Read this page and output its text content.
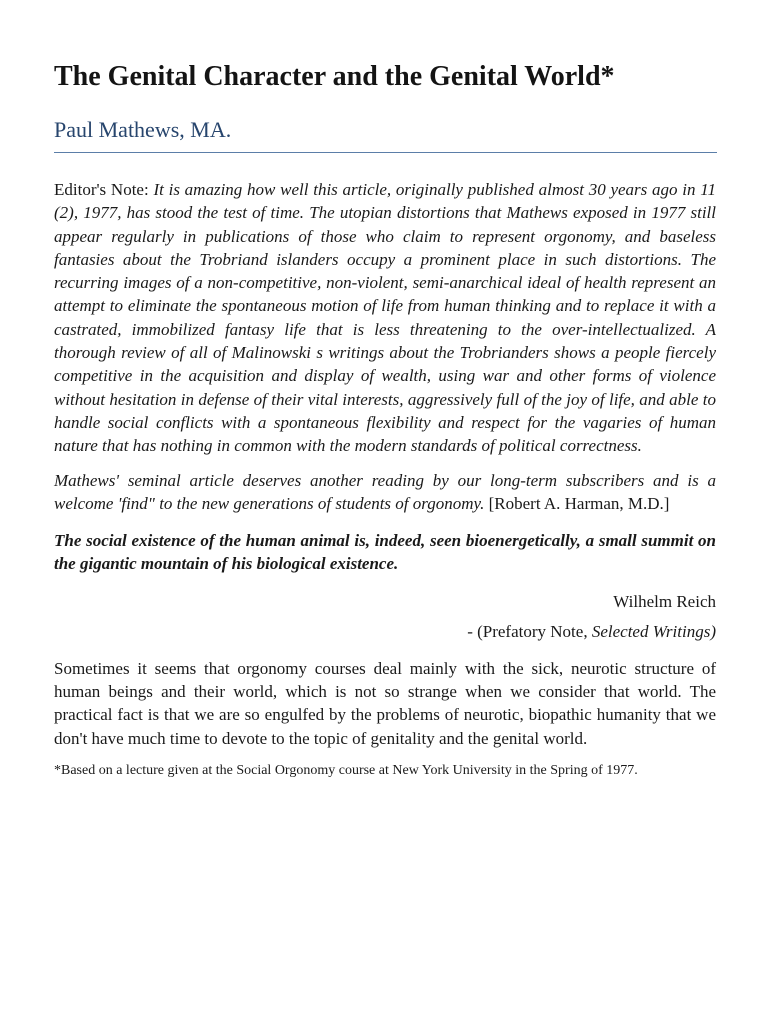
The Genital Character and the Genital World*
Paul Mathews, MA.

Editor's Note: It is amazing how well this article, originally published almost 30 years ago in 11 (2), 1977, has stood the test of time. The utopian distortions that Mathews exposed in 1977 still appear regularly in publications of those who claim to represent orgonomy, and baseless fantasies about the Trobriand islanders occupy a prominent place in such distortions. The recurring images of a non-competitive, non-violent, semi-anarchical ideal of health represent an attempt to eliminate the spontaneous motion of life from human thinking and to replace it with a castrated, immobilized fantasy life that is less threatening to the over-intellectualized. A thorough review of all of Malinowski s writings about the Trobrianders shows a people fiercely competitive in the acquisition and display of wealth, using war and other forms of violence without hesitation in defense of their vital interests, aggressively full of the joy of life, and able to handle social conflicts with a spontaneous flexibility and respect for the vagaries of human nature that has nothing in common with the modern standards of political correctness.

Mathews' seminal article deserves another reading by our long-term subscribers and is a welcome 'find" to the new generations of students of orgonomy. [Robert A. Harman, M.D.]

The social existence of the human animal is, indeed, seen bioenergetically, a small summit on the gigantic mountain of his biological existence.

Wilhelm Reich

- (Prefatory Note, Selected Writings)

Sometimes it seems that orgonomy courses deal mainly with the sick, neurotic structure of human beings and their world, which is not so strange when we consider that world. The practical fact is that we are so engulfed by the problems of neurotic, biopathic humanity that we don't have much time to devote to the topic of genitality and the genital world.

*Based on a lecture given at the Social Orgonomy course at New York University in the Spring of 1977.
